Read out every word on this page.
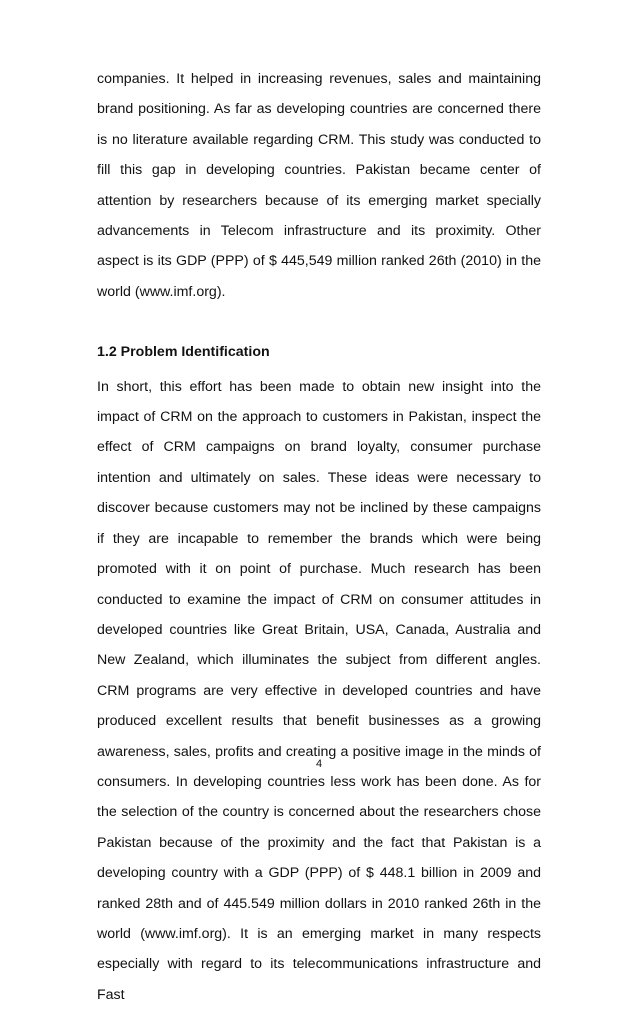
companies. It helped in increasing revenues, sales and maintaining brand positioning. As far as developing countries are concerned there is no literature available regarding CRM. This study was conducted to fill this gap in developing countries. Pakistan became center of attention by researchers because of its emerging market specially advancements in Telecom infrastructure and its proximity. Other aspect is its GDP (PPP) of $ 445,549 million ranked 26th (2010) in the world (www.imf.org).

1.2 Problem Identification

In short, this effort has been made to obtain new insight into the impact of CRM on the approach to customers in Pakistan, inspect the effect of CRM campaigns on brand loyalty, consumer purchase intention and ultimately on sales. These ideas were necessary to discover because customers may not be inclined by these campaigns if they are incapable to remember the brands which were being promoted with it on point of purchase. Much research has been conducted to examine the impact of CRM on consumer attitudes in developed countries like Great Britain, USA, Canada, Australia and New Zealand, which illuminates the subject from different angles. CRM programs are very effective in developed countries and have produced excellent results that benefit businesses as a growing awareness, sales, profits and creating a positive image in the minds of consumers. In developing countries less work has been done. As for the selection of the country is concerned about the researchers chose Pakistan because of the proximity and the fact that Pakistan is a developing country with a GDP (PPP) of $ 448.1 billion in 2009 and ranked 28th and of 445.549 million dollars in 2010 ranked 26th in the world (www.imf.org). It is an emerging market in many respects especially with regard to its telecommunications infrastructure and Fast

4
